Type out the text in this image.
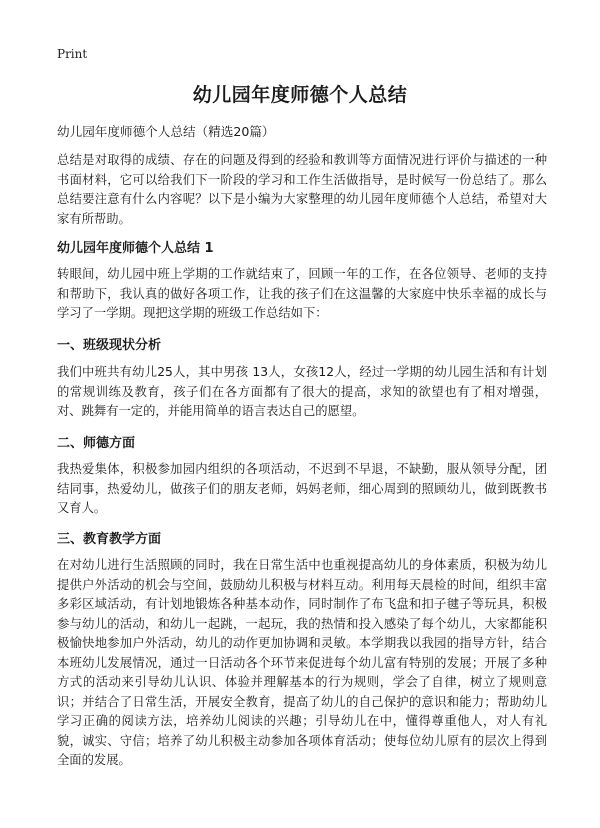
Print
幼儿园年度师德个人总结
幼儿园年度师德个人总结（精选20篇）

总结是对取得的成绩、存在的问题及得到的经验和教训等方面情况进行评价与描述的一种书面材料，它可以给我们下一阶段的学习和工作生活做指导，是时候写一份总结了。那么总结要注意有什么内容呢？以下是小编为大家整理的幼儿园年度师德个人总结，希望对大家有所帮助。

幼儿园年度师德个人总结 1

转眼间，幼儿园中班上学期的工作就结束了，回顾一年的工作，在各位领导、老师的支持和帮助下，我认真的做好各项工作，让我的孩子们在这温馨的大家庭中快乐幸福的成长与学习了一学期。现把这学期的班级工作总结如下：

一、班级现状分析

我们中班共有幼儿25人，其中男孩 13人，女孩12人，经过一学期的幼儿园生活和有计划的常规训练及教育，孩子们在各方面都有了很大的提高，求知的欲望也有了相对增强，对、跳舞有一定的，并能用简单的语言表达自己的愿望。

二、师德方面

我热爱集体，积极参加园内组织的各项活动，不迟到不早退，不缺勤，服从领导分配，团结同事，热爱幼儿，做孩子们的朋友老师，妈妈老师，细心周到的照顾幼儿，做到既教书又育人。

三、教育教学方面

在对幼儿进行生活照顾的同时，我在日常生活中也重视提高幼儿的身体素质，积极为幼儿提供户外活动的机会与空间，鼓励幼儿积极与材料互动。利用每天晨检的时间，组织丰富多彩区域活动，有计划地锻炼各种基本动作，同时制作了布飞盘和扣子毽子等玩具，积极参与幼儿的活动，和幼儿一起跳，一起玩，我的热情和投入感染了每个幼儿，大家都能积极愉快地参加户外活动，幼儿的动作更加协调和灵敏。本学期我以我园的指导方针，结合本班幼儿发展情况，通过一日活动各个环节来促进每个幼儿富有特别的发展；开展了多种方式的活动来引导幼儿认识、体验并理解基本的行为规则，学会了自律，树立了规则意识；并结合了日常生活，开展安全教育，提高了幼儿的自己保护的意识和能力；帮助幼儿学习正确的阅读方法，培养幼儿阅读的兴趣；引导幼儿在中，懂得尊重他人，对人有礼貌，诚实、守信；培养了幼儿积极主动参加各项体育活动；使每位幼儿原有的层次上得到全面的发展。
